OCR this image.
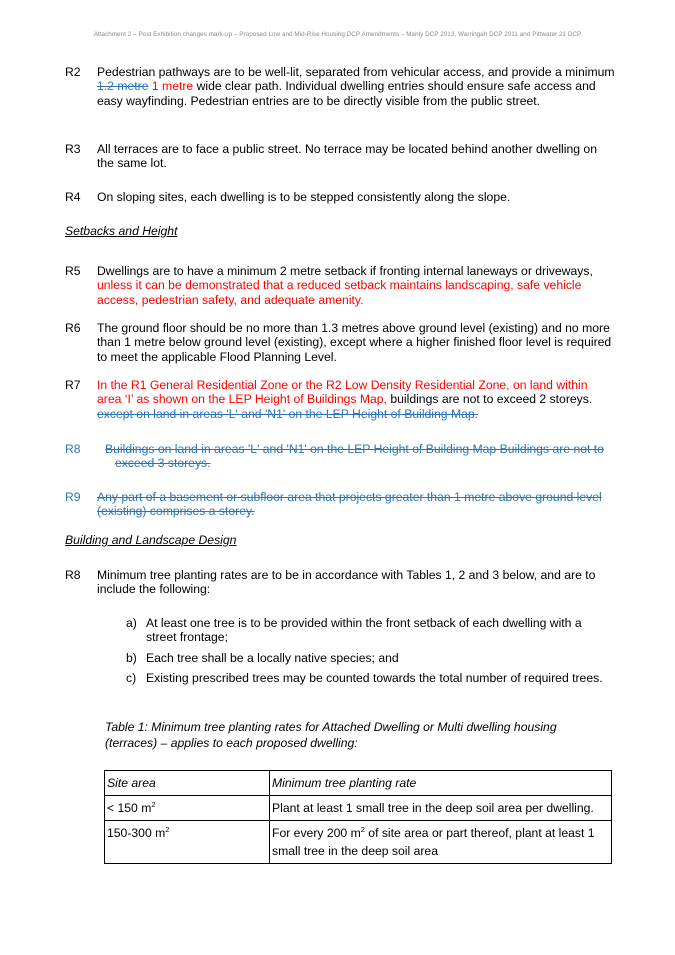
Attachment 2 – Post Exhibition changes mark-up – Proposed Low and Mid-Rise Housing DCP Amendments – Manly DCP 2013, Warringah DCP 2011 and Pittwater 21 DCP
R2	Pedestrian pathways are to be well-lit, separated from vehicular access, and provide a minimum 1.2 metre 1 metre wide clear path. Individual dwelling entries should ensure safe access and easy wayfinding. Pedestrian entries are to be directly visible from the public street.
R3	All terraces are to face a public street. No terrace may be located behind another dwelling on the same lot.
R4	On sloping sites, each dwelling is to be stepped consistently along the slope.
Setbacks and Height
R5	Dwellings are to have a minimum 2 metre setback if fronting internal laneways or driveways, unless it can be demonstrated that a reduced setback maintains landscaping, safe vehicle access, pedestrian safety, and adequate amenity.
R6	The ground floor should be no more than 1.3 metres above ground level (existing) and no more than 1 metre below ground level (existing), except where a higher finished floor level is required to meet the applicable Flood Planning Level.
R7	In the R1 General Residential Zone or the R2 Low Density Residential Zone, on land within area ‘I’ as shown on the LEP Height of Buildings Map, buildings are not to exceed 2 storeys.
except on land in areas 'L' and 'N1' on the LEP Height of Building Map.
R8	Buildings on land in areas 'L' and 'N1' on the LEP Height of Building Map Buildings are not to exceed 3 storeys.
R9	Any part of a basement or subfloor area that projects greater than 1 metre above ground level (existing) comprises a storey.
Building and Landscape Design
R8	Minimum tree planting rates are to be in accordance with Tables 1, 2 and 3 below, and are to include the following:
a) At least one tree is to be provided within the front setback of each dwelling with a street frontage;
b) Each tree shall be a locally native species; and
c) Existing prescribed trees may be counted towards the total number of required trees.
Table 1: Minimum tree planting rates for Attached Dwelling or Multi dwelling housing (terraces) – applies to each proposed dwelling:
Site area	Minimum tree planting rate
< 150 $m^2$	Plant at least 1 small tree in the deep soil area per dwelling.
150-300 $m^2$	For every 200 $m^2$ of site area or part thereof, plant at least 1 small tree in the deep soil area
